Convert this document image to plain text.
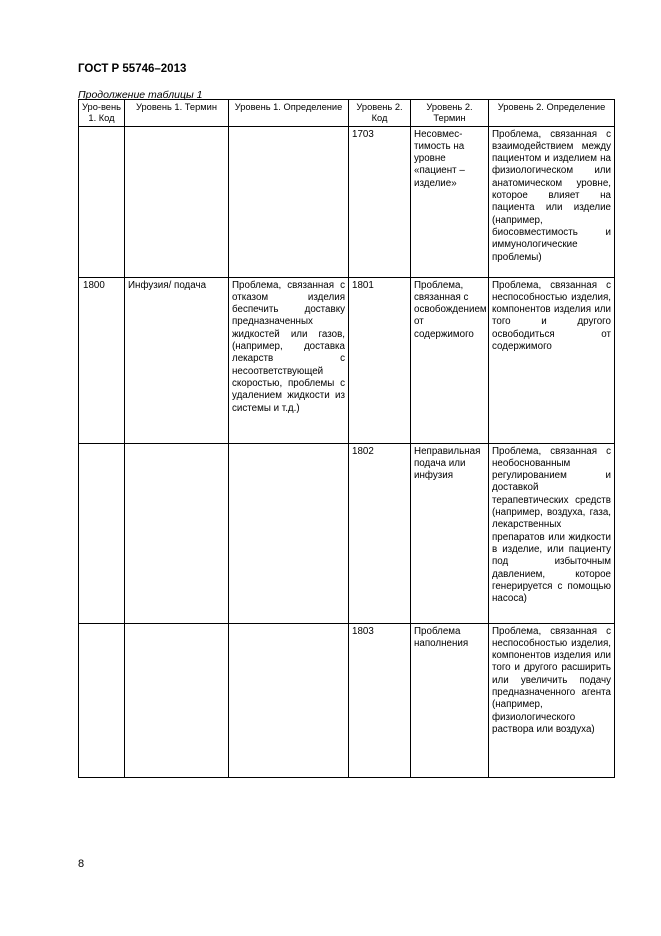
ГОСТ Р 55746–2013
Продолжение таблицы 1
Уро-вень 1. Код	Уровень 1. Термин	Уровень 1. Определение	Уровень 2. Код	Уровень 2. Термин	Уровень 2. Определение
			1703	Несовмес-тимость на уровне «пациент – изделие»	Проблема, связанная с взаимодействием между пациентом и изделием на физиологическом или анатомическом уровне, которое влияет на пациента или изделие (например, биосовместимость и иммунологические проблемы)
1800	Инфузия/ подача	Проблема, связанная с отказом изделия беспечить доставку предназначенных жидкостей или газов, (например, доставка лекарств с несоответствующей скоростью, проблемы с удалением жидкости из системы и т.д.)	1801	Проблема, связанная с освобождением от содержимого	Проблема, связанная с неспособностью изделия, компонентов изделия или того и другого освободиться от содержимого
			1802	Неправильная подача или инфузия	Проблема, связанная с необоснованным регулированием и доставкой терапевтических средств (например, воздуха, газа, лекарственных препаратов или жидкости в изделие, или пациенту под избыточным давлением, которое генерируется с помощью насоса)
			1803	Проблема наполнения	Проблема, связанная с неспособностью изделия, компонентов изделия или того и другого расширить или увеличить подачу предназначенного агента (например, физиологического раствора или воздуха)
8
